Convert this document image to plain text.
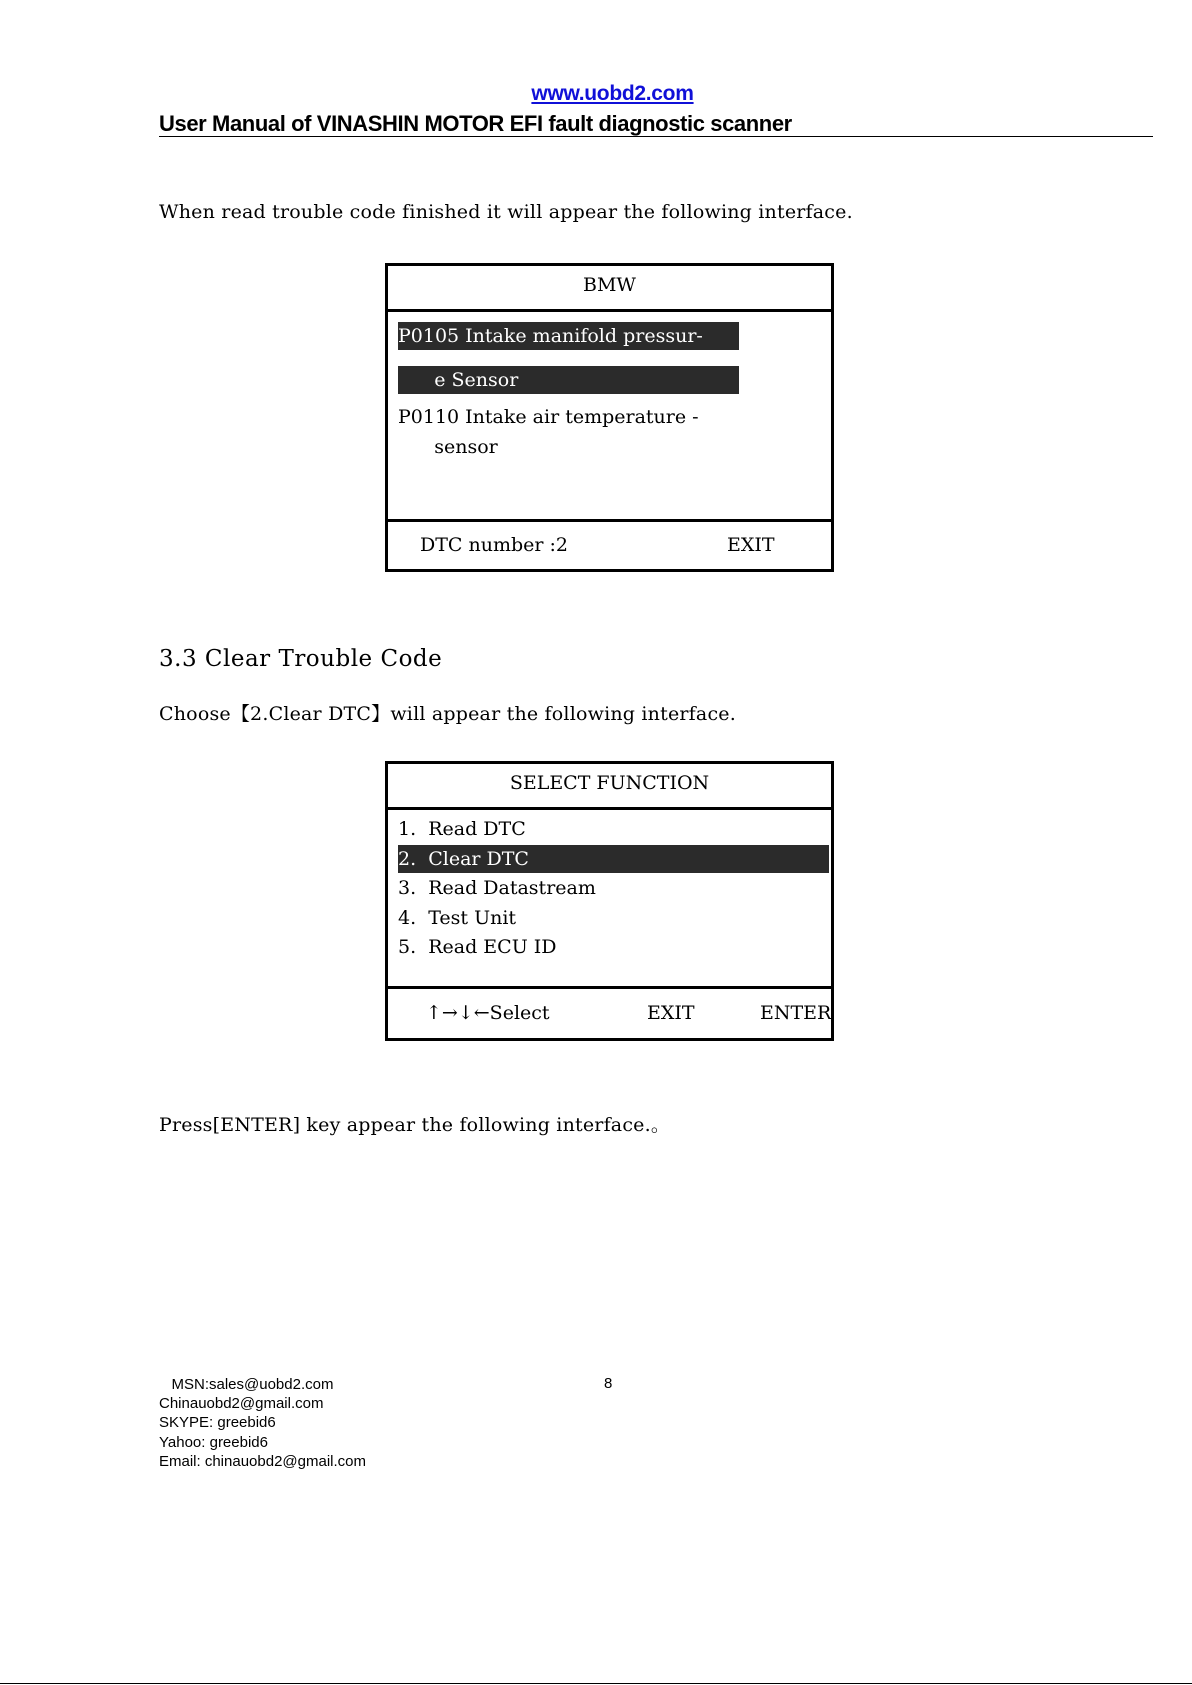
www.uobd2.com
User Manual of VINASHIN MOTOR EFI fault diagnostic scanner
When read trouble code finished it will appear the following interface.
BMW
P0105 Intake manifold pressur-
e Sensor
P0110 Intake air temperature -
sensor
DTC number :2	EXIT
3.3 Clear Trouble Code
Choose【2.Clear DTC】will appear the following interface.
SELECT FUNCTION
1.  Read DTC
2.  Clear DTC
3.  Read Datastream
4.  Test Unit
5.  Read ECU ID
↑→↓←Select	EXIT	ENTER
Press[ENTER] key appear the following interface.。
8
MSN:sales@uobd2.com
Chinauobd2@gmail.com
SKYPE: greebid6
Yahoo: greebid6
Email: chinauobd2@gmail.com
